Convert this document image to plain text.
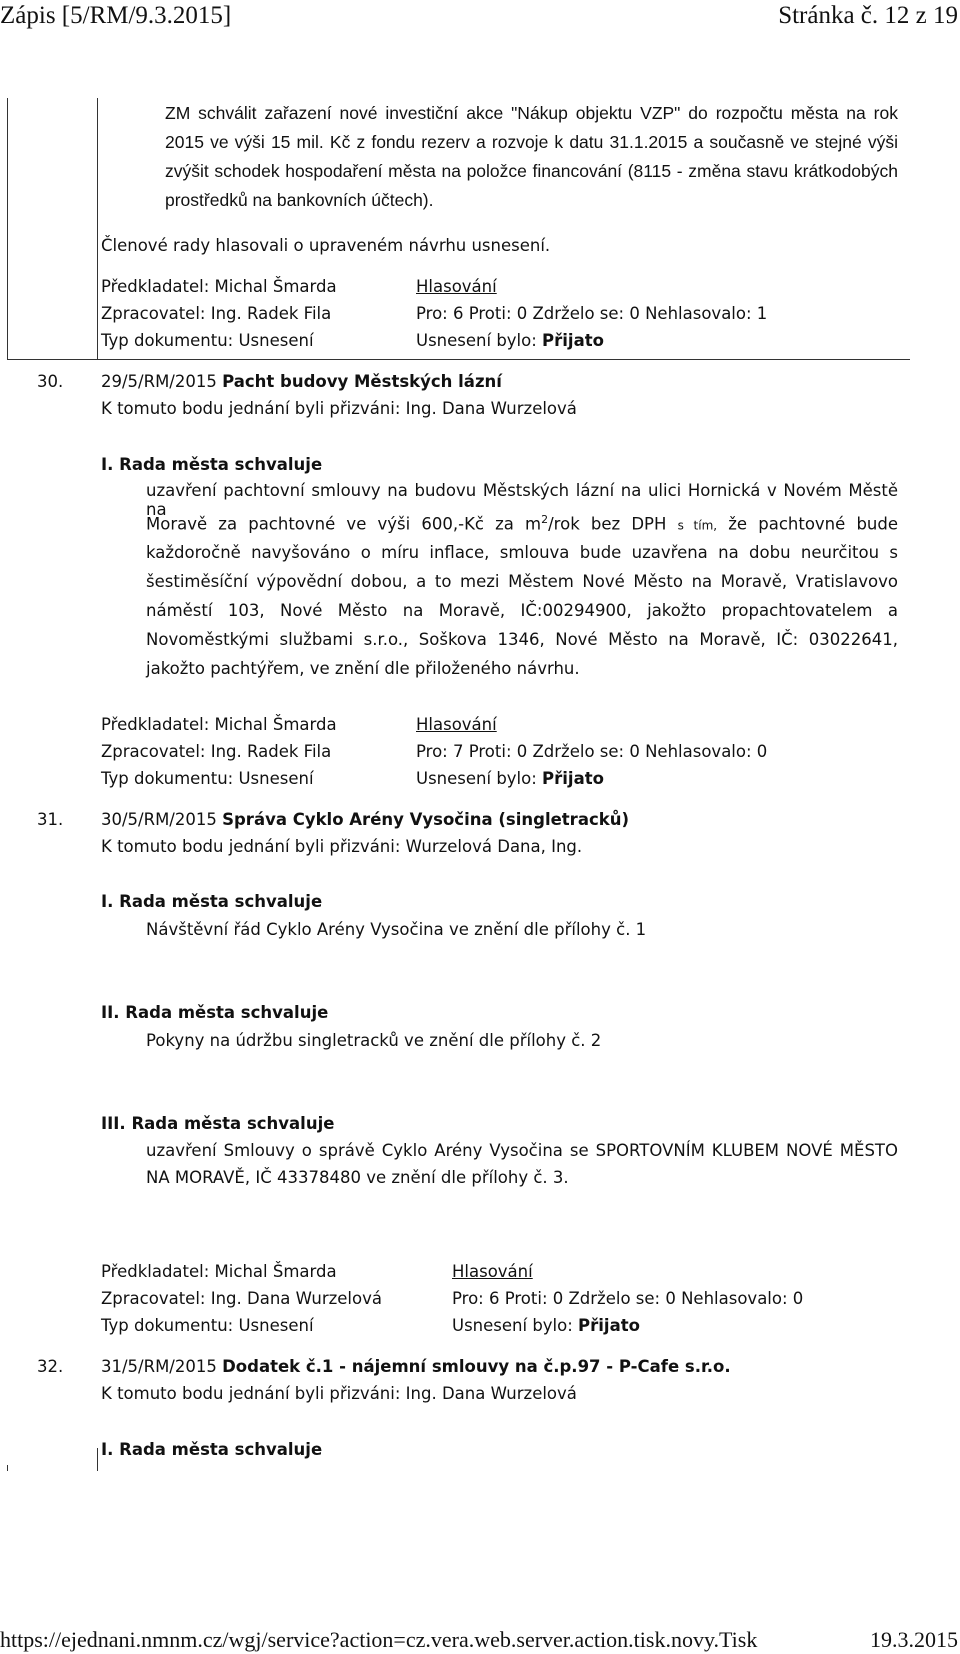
Zápis [5/RM/9.3.2015]	Stránka č. 12 z 19
ZM schválit zařazení nové investiční akce "Nákup objektu VZP" do rozpočtu města na rok 2015 ve výši 15 mil. Kč z fondu rezerv a rozvoje k datu 31.1.2015 a současně ve stejné výši zvýšit schodek hospodaření města na položce financování (8115 - změna stavu krátkodobých prostředků na bankovních účtech).
Členové rady hlasovali o upraveném návrhu usnesení.
Předkladatel: Michal Šmarda	Hlasování
Zpracovatel: Ing. Radek Fila	Pro: 6 Proti: 0 Zdrželo se: 0 Nehlasovalo: 1
Typ dokumentu: Usnesení	Usnesení bylo: Přijato
30. 29/5/RM/2015 Pacht budovy Městských lázní
K tomuto bodu jednání byli přizváni: Ing. Dana Wurzelová
I. Rada města schvaluje
uzavření pachtovní smlouvy na budovu Městských lázní na ulici Hornická v Novém Městě na
Moravě za pachtovné ve výši 600,-Kč za $m^2$/rok bez DPH s tím, že pachtovné bude
každoročně navyšováno o míru inflace, smlouva bude uzavřena na dobu neurčitou s šestiměsíční výpovědní dobou, a to mezi Městem Nové Město na Moravě, Vratislavovo náměstí 103, Nové Město na Moravě, IČ:00294900, jakožto propachtovatelem a Novoměstkými službami s.r.o., Soškova 1346, Nové Město na Moravě, IČ: 03022641, jakožto pachtýřem, ve znění dle přiloženého návrhu.
Předkladatel: Michal Šmarda	Hlasování
Zpracovatel: Ing. Radek Fila	Pro: 7 Proti: 0 Zdrželo se: 0 Nehlasovalo: 0
Typ dokumentu: Usnesení	Usnesení bylo: Přijato
31. 30/5/RM/2015 Správa Cyklo Arény Vysočina (singletracků)
K tomuto bodu jednání byli přizváni: Wurzelová Dana, Ing.
I. Rada města schvaluje
Návštěvní řád Cyklo Arény Vysočina ve znění dle přílohy č. 1
II. Rada města schvaluje
Pokyny na údržbu singletracků ve znění dle přílohy č. 2
III. Rada města schvaluje
uzavření Smlouvy o správě Cyklo Arény Vysočina se SPORTOVNÍM KLUBEM NOVÉ MĚSTO
NA MORAVĚ, IČ 43378480 ve znění dle přílohy č. 3.
Předkladatel: Michal Šmarda	Hlasování
Zpracovatel: Ing. Dana Wurzelová	Pro: 6 Proti: 0 Zdrželo se: 0 Nehlasovalo: 0
Typ dokumentu: Usnesení	Usnesení bylo: Přijato
32. 31/5/RM/2015 Dodatek č.1 - nájemní smlouvy na č.p.97 - P-Cafe s.r.o.
K tomuto bodu jednání byli přizváni: Ing. Dana Wurzelová
I. Rada města schvaluje
https://ejednani.nmnm.cz/wgj/service?action=cz.vera.web.server.action.tisk.novy.Tisk	19.3.2015
